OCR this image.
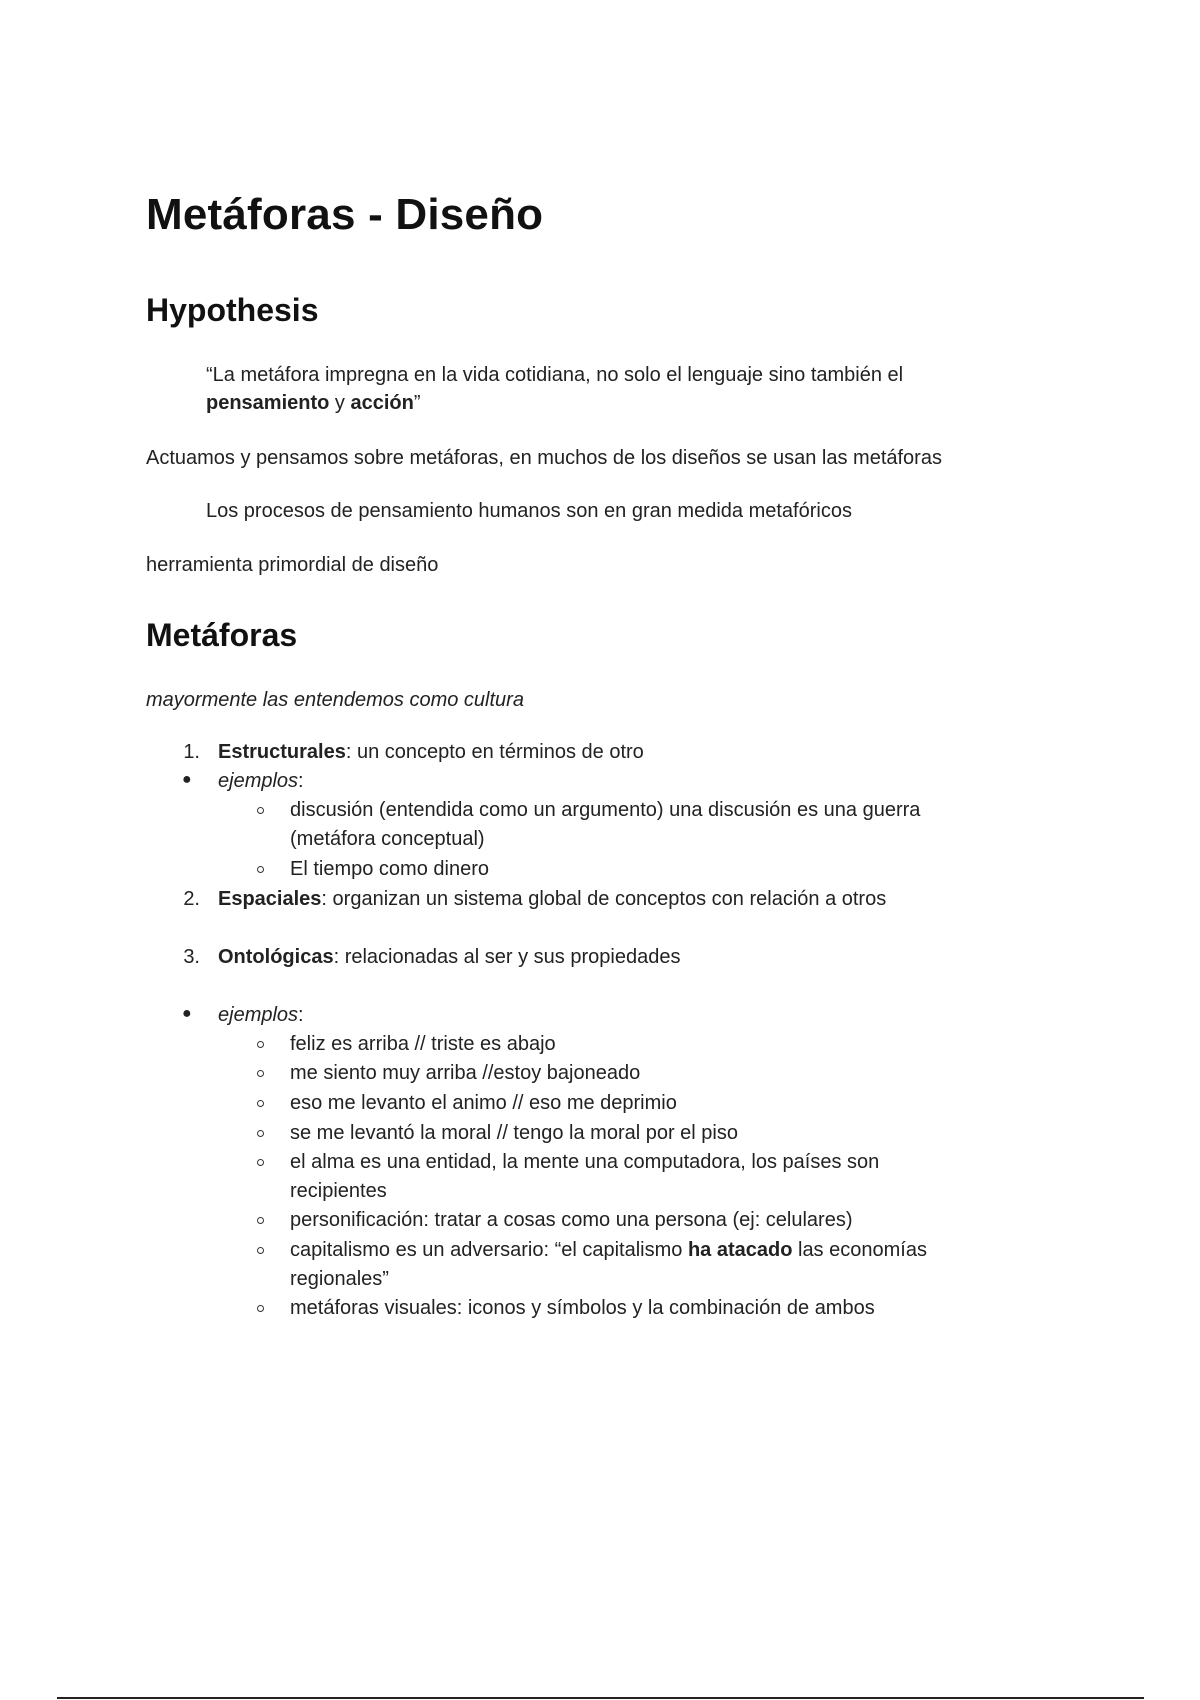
Metáforas - Diseño
Hypothesis

“La metáfora impregna en la vida cotidiana, no solo el lenguaje sino también el

pensamiento y acción”

Actuamos y pensamos sobre metáforas, en muchos de los diseños se usan las metáforas

Los procesos de pensamiento humanos son en gran medida metafóricos

herramienta primordial de diseño

Metáforas

mayormente las entendemos como cultura

1. Estructurales: un concepto en términos de otro

● ejemplos:

discusión (entendida como un argumento) una discusión es una guerra

(metáfora conceptual)

El tiempo como dinero

2. Espaciales: organizan un sistema global de conceptos con relación a otros

3. Ontológicas: relacionadas al ser y sus propiedades

● ejemplos:

feliz es arriba // triste es abajo

me siento muy arriba //estoy bajoneado

eso me levanto el animo // eso me deprimio

se me levantó la moral // tengo la moral por el piso

el alma es una entidad, la mente una computadora, los países son

recipientes

personificación: tratar a cosas como una persona (ej: celulares)

capitalismo es un adversario: “el capitalismo ha atacado las economías

regionales”

metáforas visuales: iconos y símbolos y la combinación de ambos
